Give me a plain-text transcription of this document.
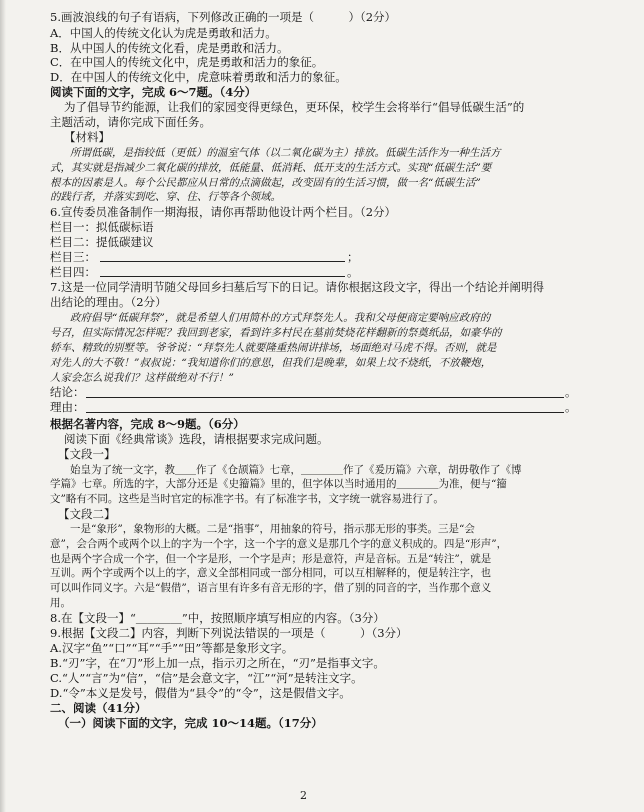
5.画波浪线的句子有语病，下列修改正确的一项是（　　　）（2分）
A．中国人的传统文化认为虎是勇敢和活力。
B．从中国人的传统文化看，虎是勇敢和活力。
C．在中国人的传统文化中，虎是勇敢和活力的象征。
D．在中国人的传统文化中，虎意味着勇敢和活力的象征。
阅读下面的文字，完成 6～7题。（4分）
为了倡导节约能源，让我们的家园变得更绿色，更环保，校学生会将举行“倡导低碳生活”的
主题活动，请你完成下面任务。
【材料】
所谓低碳，是指较低（更低）的温室气体（以二氧化碳为主）排放。低碳生活作为一种生活方
式，其实就是指减少二氧化碳的排放，低能量、低消耗、低开支的生活方式。实现“低碳生活”要
根本的因素是人。每个公民都应从日常的点滴做起，改变固有的生活习惯，做一名“低碳生活”
的践行者，并落实到吃、穿、住、行等各个领域。
6.宣传委员准备制作一期海报，请你再帮助他设计两个栏目。（2分）
栏目一：拟低碳标语
栏目二：提低碳建议
栏目三：	；
栏目四：	。
7.这是一位同学清明节随父母回乡扫墓后写下的日记。请你根据这段文字，得出一个结论并阐明得
出结论的理由。（2分）
政府倡导“低碳拜祭”，就是希望人们用简朴的方式拜祭先人。我和父母便商定要响应政府的
号召，但实际情况怎样呢？我回到老家，看到许多村民在墓前焚烧花样翻新的祭奠纸品，如豪华的
轿车、精致的别墅等。爷爷说：“拜祭先人就要隆重热闹讲排场，场面绝对马虎不得。否则，就是
对先人的大不敬！”叔叔说：“我知道你们的意思，但我们是晚辈，如果上坟不烧纸，不放鞭炮，
人家会怎么说我们？这样做绝对不行！”
结论：	。
理由：	。
根据名著内容，完成 8～9题。（6分）
阅读下面《经典常谈》选段，请根据要求完成问题。
【文段一】
始皇为了统一文字，教＿＿作了《仓颉篇》七章，＿＿＿＿作了《爰历篇》六章，胡毋敬作了《博
学篇》七章。所选的字，大部分还是《史籀篇》里的，但字体以当时通用的＿＿＿＿为准，便与“籀
文”略有不同。这些是当时官定的标准字书。有了标准字书，文字统一就容易进行了。
【文段二】
一是“象形”，象物形的大概。二是“指事”，用抽象的符号，指示那无形的事类。三是“会
意”，会合两个或两个以上的字为一个字，这一个字的意义是那几个字的意义积成的。四是“形声”，
也是两个字合成一个字，但一个字是形，一个字是声；形是意符，声是音标。五是“转注”，就是
互训。两个字或两个以上的字，意义全部相同或一部分相同，可以互相解释的，便是转注字，也
可以叫作同义字。六是“假借”，语言里有许多有音无形的字，借了别的同音的字，当作那个意义
用。
8.在【文段一】“＿＿＿＿”中，按照顺序填写相应的内容。（3分）
9.根据【文段二】内容，判断下列说法错误的一项是（　　　）（3分）
A.汉字“鱼”“口”“耳”“手”“田”等都是象形文字。
B.“刃”字，在“刀”形上加一点，指示刃之所在，“刃”是指事文字。
C.“人”“言”为“信”，“信”是会意文字，“江”“河”是转注文字。
D.“令”本义是发号，假借为“县令”的“令”，这是假借文字。
二、阅读（41分）
（一）阅读下面的文字，完成 10～14题。（17分）
2
